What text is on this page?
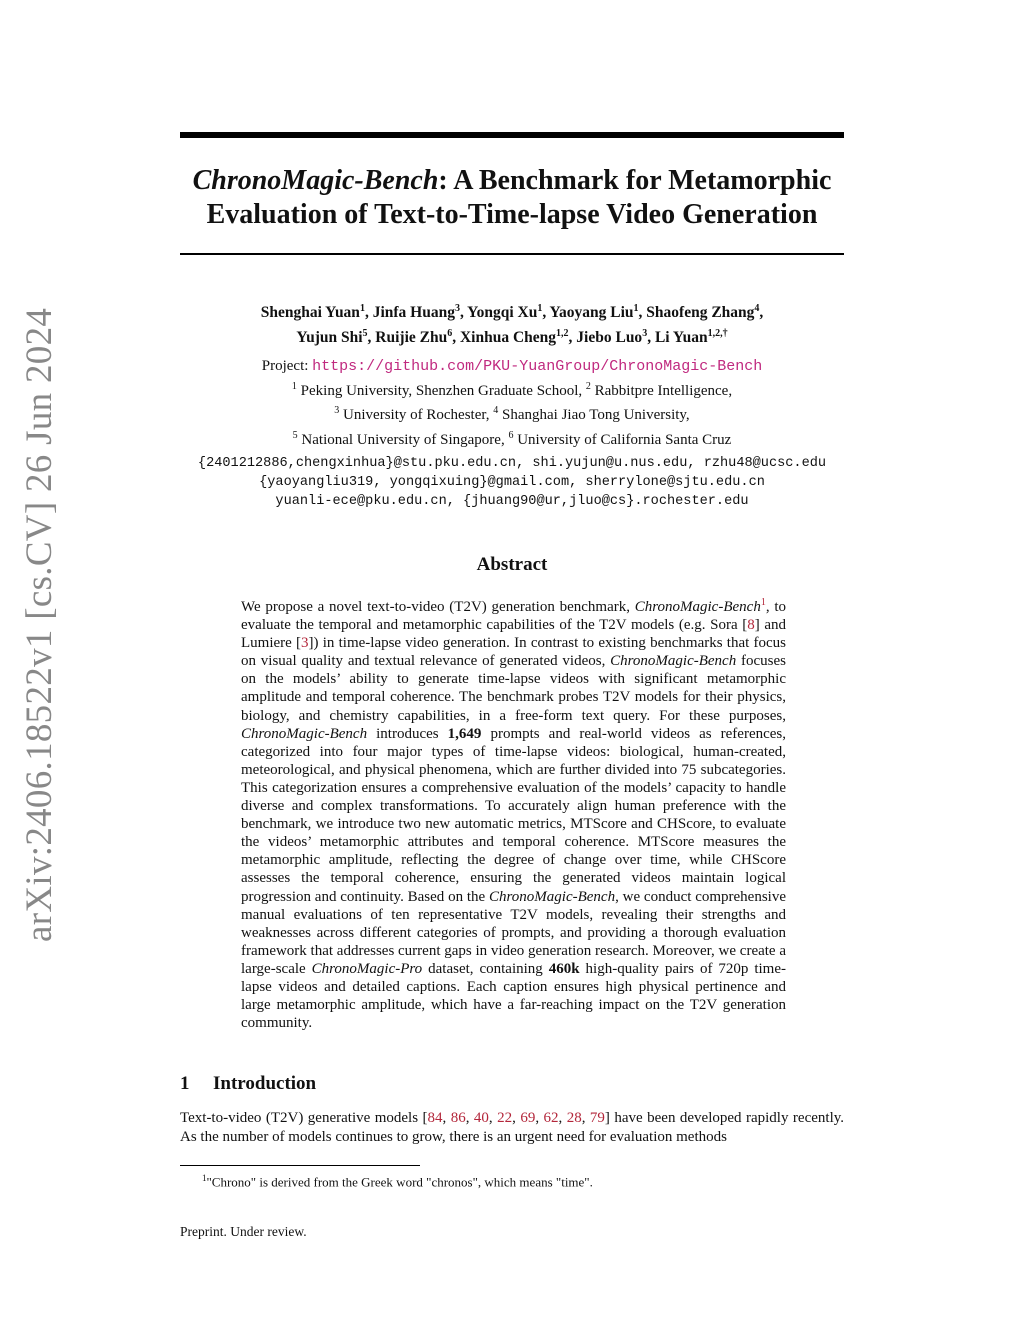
arXiv:2406.18522v1 [cs.CV] 26 Jun 2024
ChronoMagic-Bench: A Benchmark for Metamorphic
Evaluation of Text-to-Time-lapse Video Generation
Shenghai Yuan$^1$, Jinfa Huang$^3$, Yongqi Xu$^1$, Yaoyang Liu$^1$, Shaofeng Zhang$^4$,
Yujun Shi$^5$, Ruijie Zhu$^6$, Xinhua Cheng$^{1,2}$, Jiebo Luo$^3$, Li Yuan$^{1,2,\dagger}$
Project: https://github.com/PKU-YuanGroup/ChronoMagic-Bench
$^1$ Peking University, Shenzhen Graduate School, $^2$ Rabbitpre Intelligence,
$^3$ University of Rochester, $^4$ Shanghai Jiao Tong University,
$^5$ National University of Singapore, $^6$ University of California Santa Cruz
{2401212886,chengxinhua}@stu.pku.edu.cn, shi.yujun@u.nus.edu, rzhu48@ucsc.edu
{yaoyangliu319, yongqixuing}@gmail.com, sherrylone@sjtu.edu.cn
yuanli-ece@pku.edu.cn, {jhuang90@ur,jluo@cs}.rochester.edu
Abstract
We propose a novel text-to-video (T2V) generation benchmark, ChronoMagic-Bench$^1$, to evaluate the temporal and metamorphic capabilities of the T2V models (e.g. Sora [8] and Lumiere [3]) in time-lapse video generation. In contrast to existing benchmarks that focus on visual quality and textual relevance of generated videos, ChronoMagic-Bench focuses on the models’ ability to generate time-lapse videos with significant metamorphic amplitude and temporal coherence. The benchmark probes T2V models for their physics, biology, and chemistry capabilities, in a free-form text query. For these purposes, ChronoMagic-Bench introduces 1,649 prompts and real-world videos as references, categorized into four major types of time-lapse videos: biological, human-created, meteorological, and physical phenomena, which are further divided into 75 subcategories. This categorization ensures a comprehensive evaluation of the models’ capacity to handle diverse and complex transformations. To accurately align human preference with the benchmark, we introduce two new automatic metrics, MTScore and CHScore, to evaluate the videos’ metamorphic attributes and temporal coherence. MTScore measures the metamorphic amplitude, reflecting the degree of change over time, while CHScore assesses the temporal coherence, ensuring the generated videos maintain logical progression and continuity. Based on the ChronoMagic-Bench, we conduct comprehensive manual evaluations of ten representative T2V models, revealing their strengths and weaknesses across different categories of prompts, and providing a thorough evaluation framework that addresses current gaps in video generation research. Moreover, we create a large-scale ChronoMagic-Pro dataset, containing 460k high-quality pairs of 720p time-lapse videos and detailed captions. Each caption ensures high physical pertinence and large metamorphic amplitude, which have a far-reaching impact on the T2V generation community.
1 Introduction
Text-to-video (T2V) generative models [84, 86, 40, 22, 69, 62, 28, 79] have been developed rapidly recently. As the number of models continues to grow, there is an urgent need for evaluation methods
$^1$"Chrono" is derived from the Greek word "chronos", which means "time".
Preprint. Under review.
